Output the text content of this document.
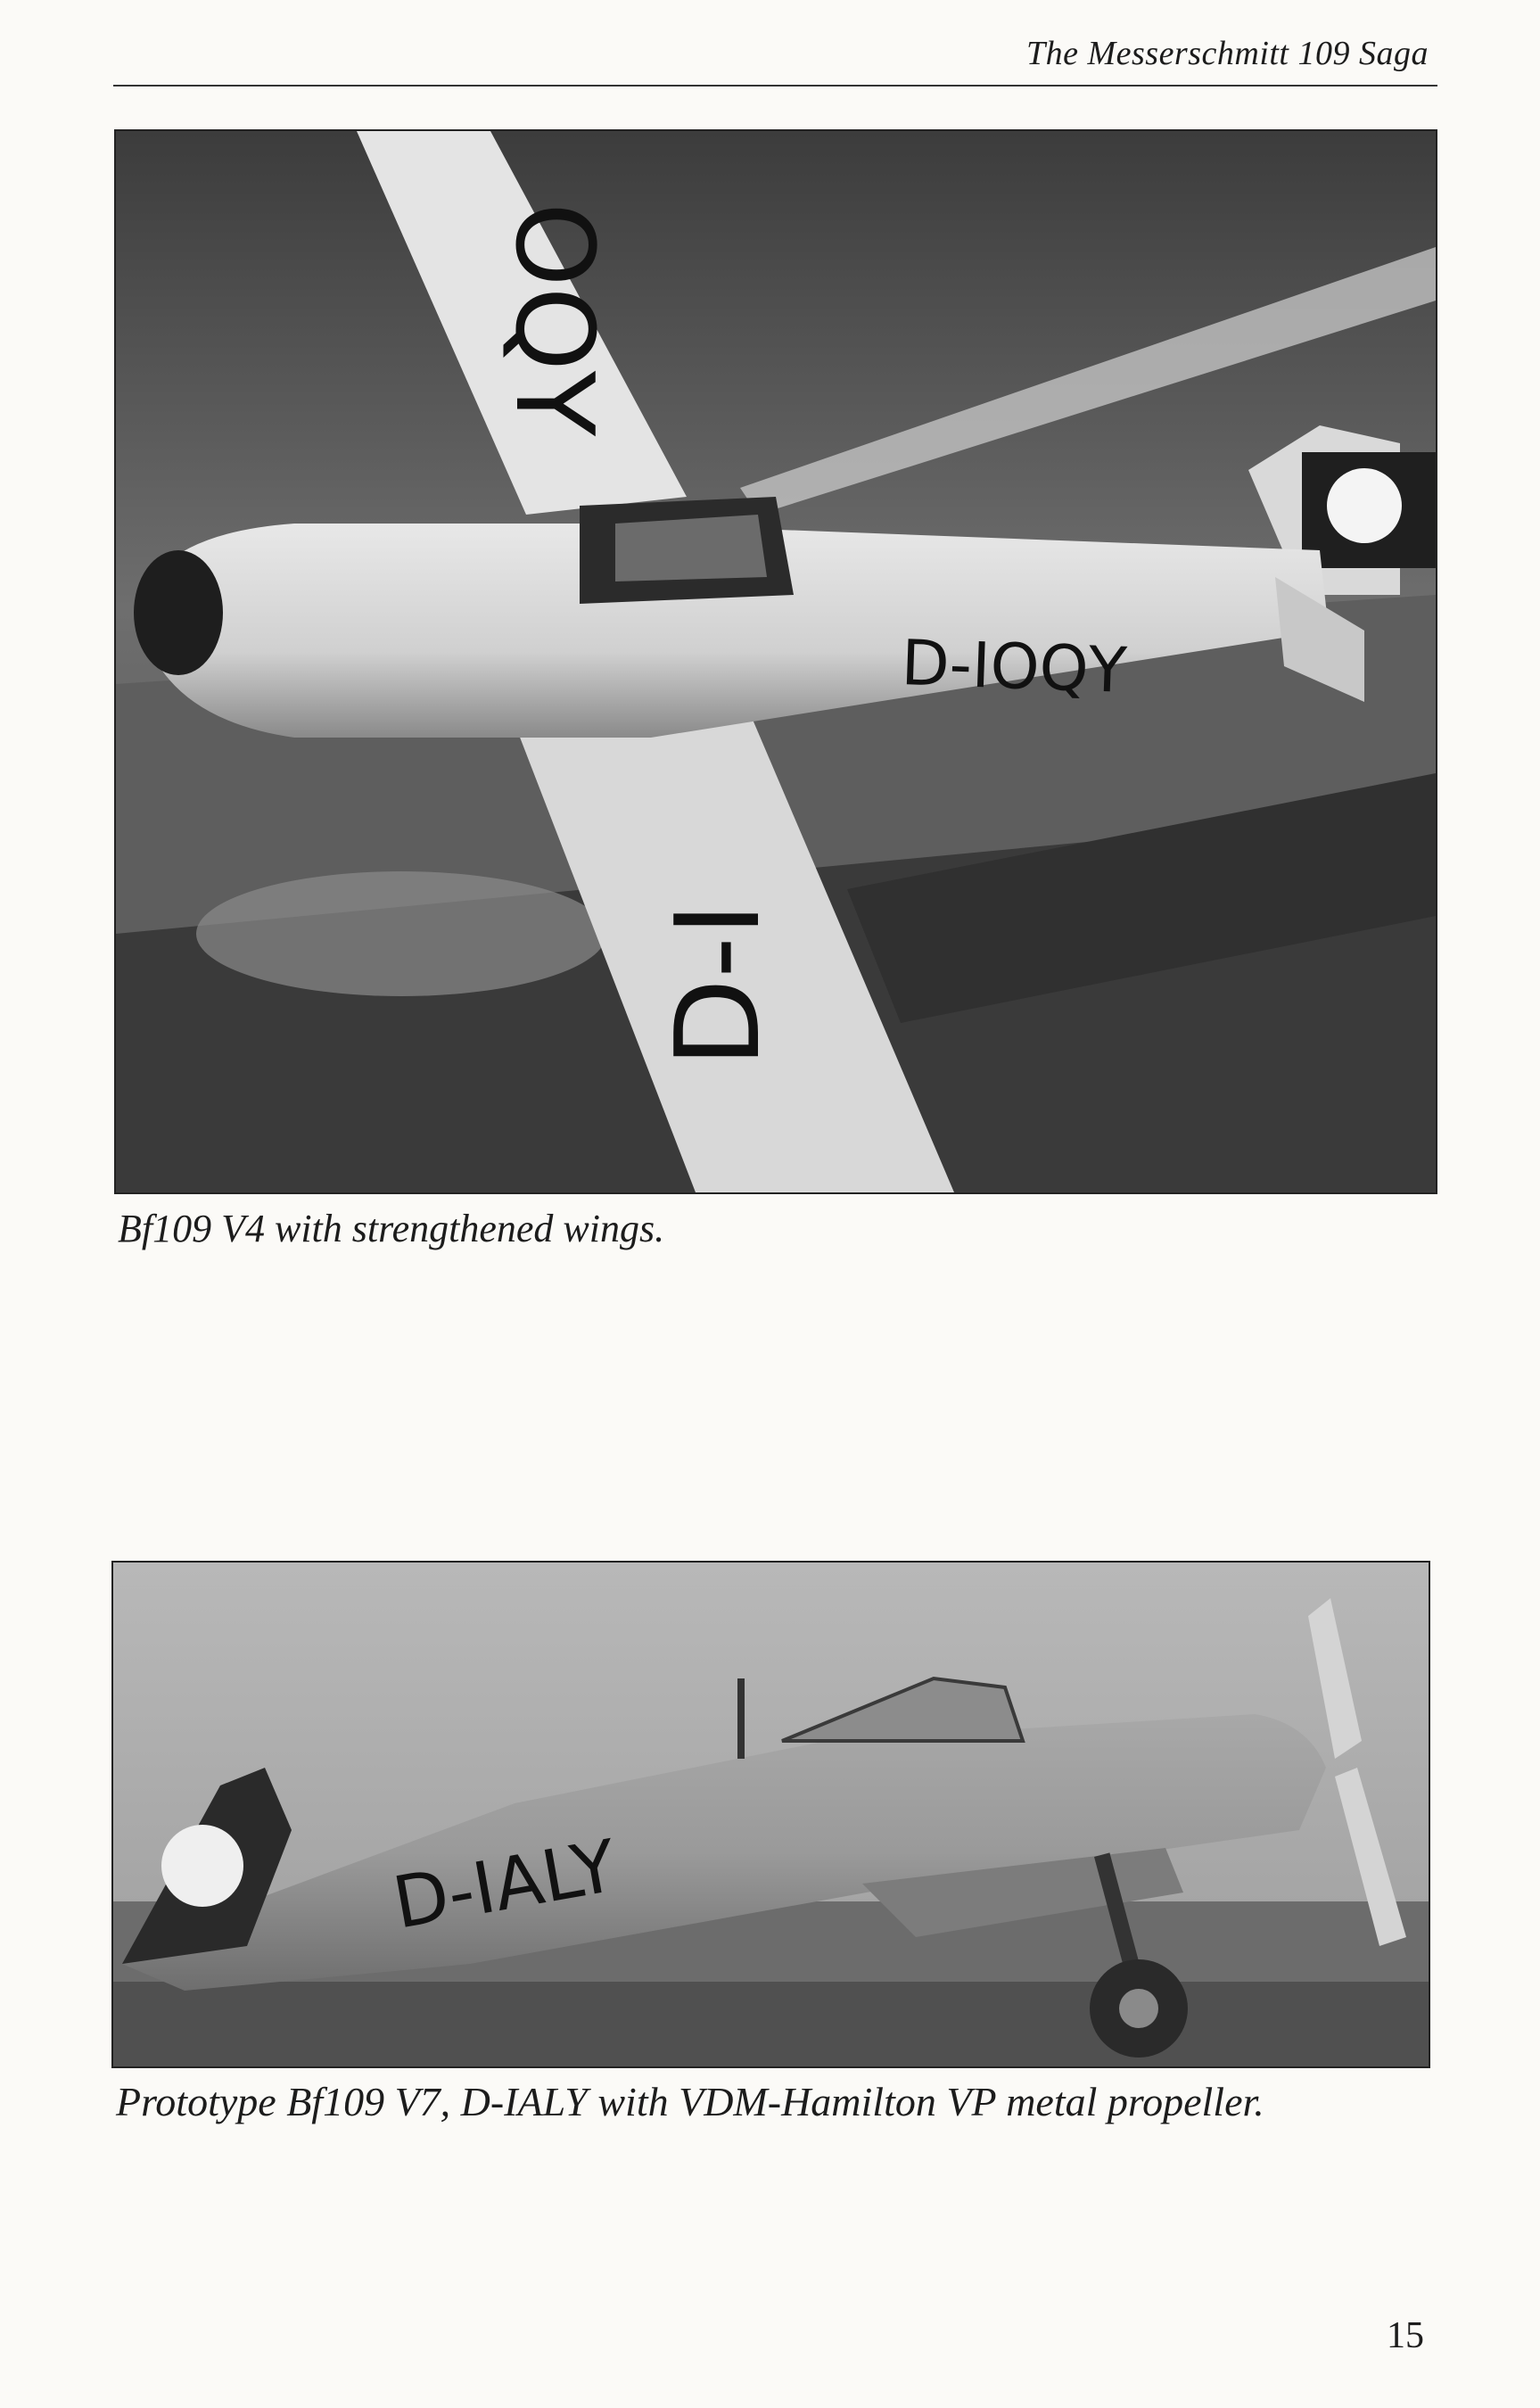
The Messerschmitt 109 Saga
OQY
D-IOQY
D-I
Bf109 V4 with strengthened wings.
D-IALY
Prototype Bf109 V7, D-IALY with VDM-Hamilton VP metal propeller.
15
